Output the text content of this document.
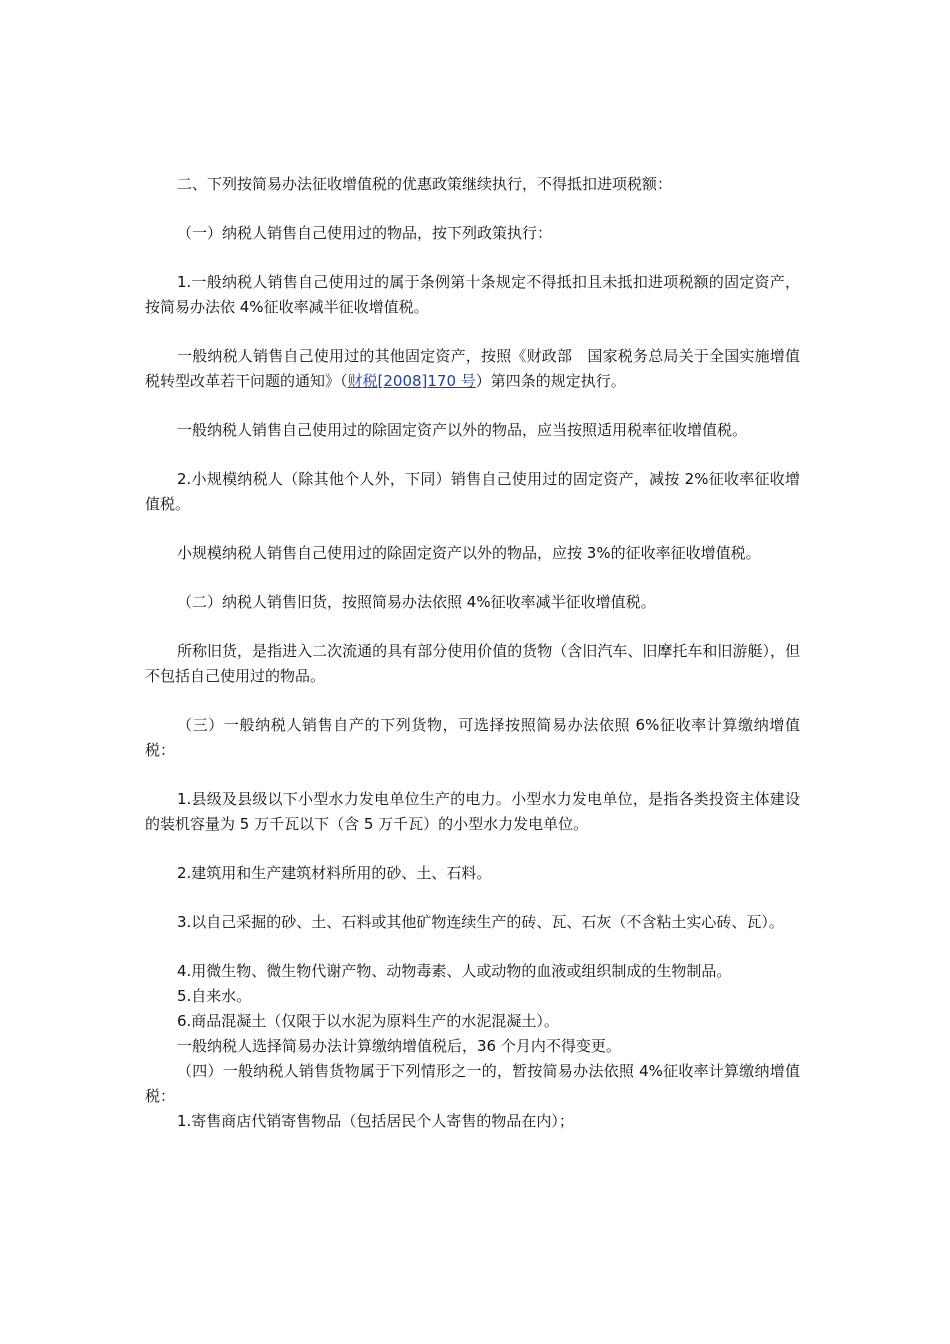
二、下列按简易办法征收增值税的优惠政策继续执行，不得抵扣进项税额：

（一）纳税人销售自己使用过的物品，按下列政策执行：

1.一般纳税人销售自己使用过的属于条例第十条规定不得抵扣且未抵扣进项税额的固定资产，按简易办法依 4%征收率减半征收增值税。

一般纳税人销售自己使用过的其他固定资产，按照《财政部　国家税务总局关于全国实施增值税转型改革若干问题的通知》（财税[2008]170 号）第四条的规定执行。

一般纳税人销售自己使用过的除固定资产以外的物品，应当按照适用税率征收增值税。

2.小规模纳税人（除其他个人外，下同）销售自己使用过的固定资产，减按 2%征收率征收增值税。

小规模纳税人销售自己使用过的除固定资产以外的物品，应按 3%的征收率征收增值税。

（二）纳税人销售旧货，按照简易办法依照 4%征收率减半征收增值税。

所称旧货，是指进入二次流通的具有部分使用价值的货物（含旧汽车、旧摩托车和旧游艇），但不包括自己使用过的物品。

（三）一般纳税人销售自产的下列货物，可选择按照简易办法依照 6%征收率计算缴纳增值税：

1.县级及县级以下小型水力发电单位生产的电力。小型水力发电单位，是指各类投资主体建设的装机容量为 5 万千瓦以下（含 5 万千瓦）的小型水力发电单位。

2.建筑用和生产建筑材料所用的砂、土、石料。

3.以自己采掘的砂、土、石料或其他矿物连续生产的砖、瓦、石灰（不含粘土实心砖、瓦）。

4.用微生物、微生物代谢产物、动物毒素、人或动物的血液或组织制成的生物制品。

5.自来水。

6.商品混凝土（仅限于以水泥为原料生产的水泥混凝土）。

一般纳税人选择简易办法计算缴纳增值税后，36 个月内不得变更。

（四）一般纳税人销售货物属于下列情形之一的，暂按简易办法依照 4%征收率计算缴纳增值税：

1.寄售商店代销寄售物品（包括居民个人寄售的物品在内）；
